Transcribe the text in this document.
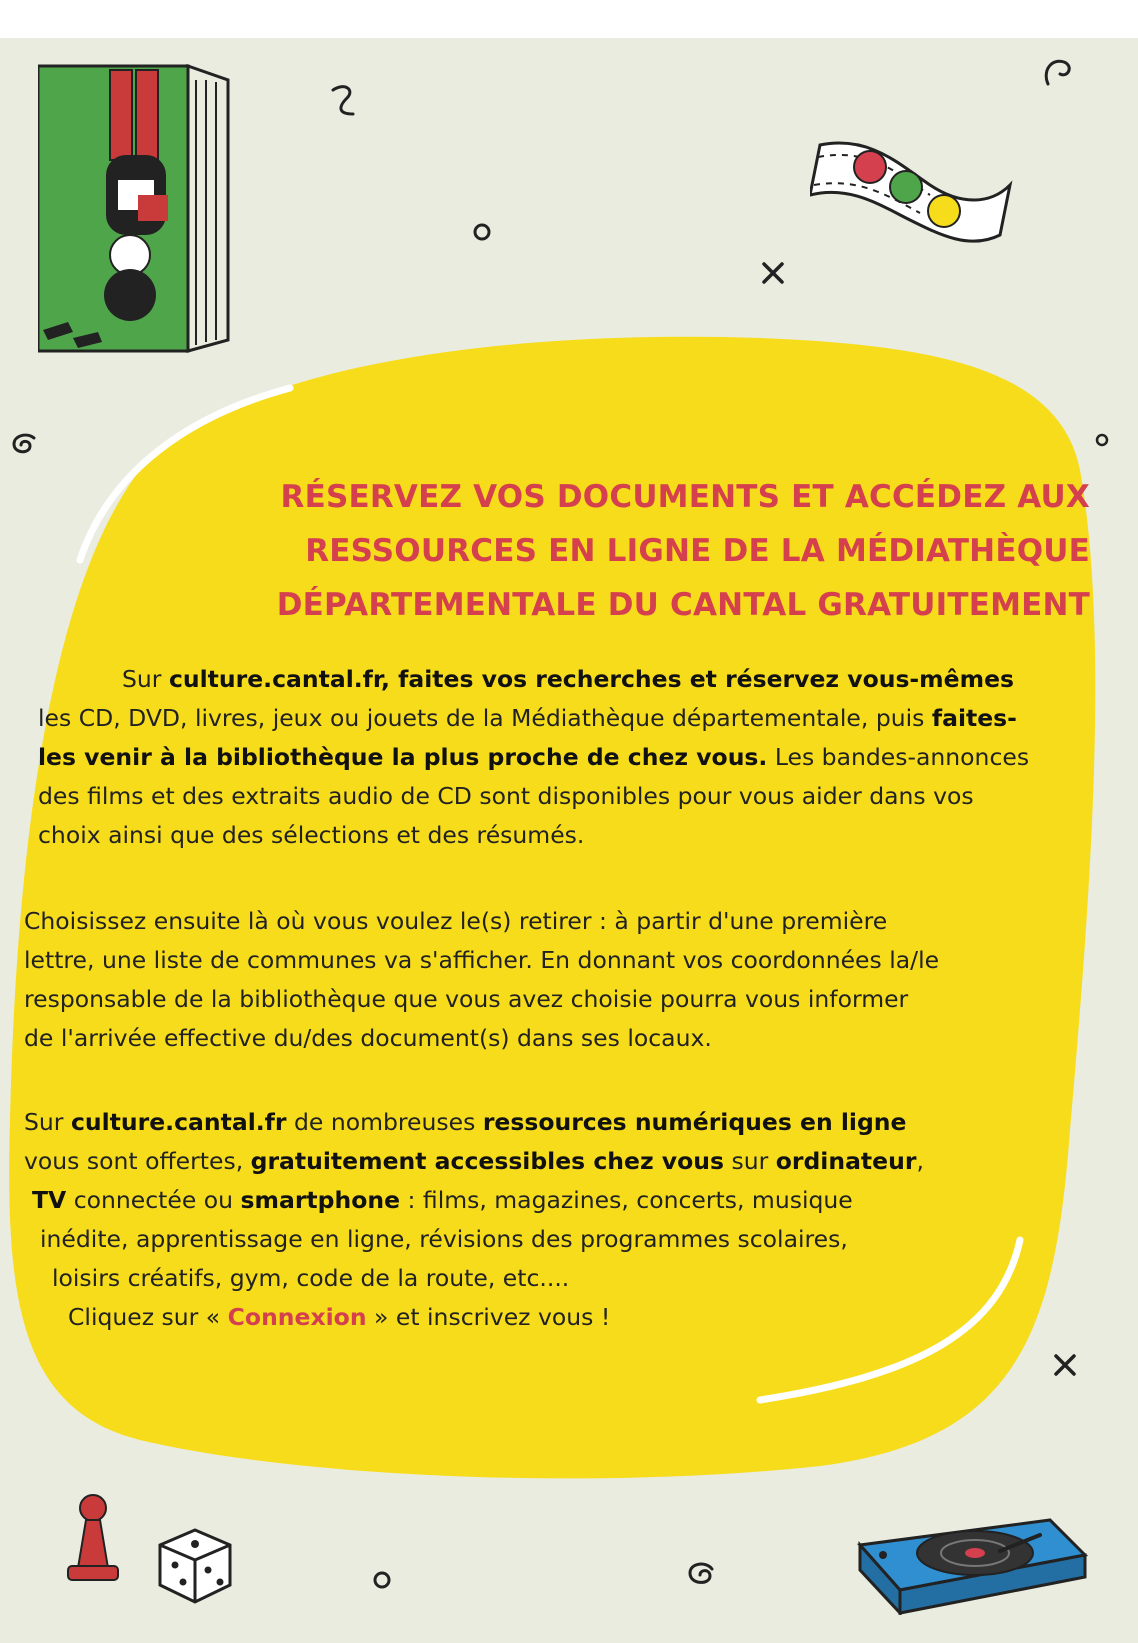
RÉSERVEZ VOS DOCUMENTS ET ACCÉDEZ AUX
RESSOURCES EN LIGNE DE LA MÉDIATHÈQUE
DÉPARTEMENTALE DU CANTAL GRATUITEMENT

Sur culture.cantal.fr, faites vos recherches et réservez vous-mêmes
les CD, DVD, livres, jeux ou jouets de la Médiathèque départementale, puis faites-
les venir à la bibliothèque la plus proche de chez vous. Les bandes-annonces
des films et des extraits audio de CD sont disponibles pour vous aider dans vos
choix ainsi que des sélections et des résumés.

Choisissez ensuite là où vous voulez le(s) retirer : à partir d'une première
lettre, une liste de communes va s'afficher. En donnant vos coordonnées la/le
responsable de la bibliothèque que vous avez choisie pourra vous informer
de l'arrivée effective du/des document(s) dans ses locaux.

Sur culture.cantal.fr de nombreuses ressources numériques en ligne
vous sont offertes, gratuitement accessibles chez vous sur ordinateur,
TV connectée ou smartphone : films, magazines, concerts, musique
inédite, apprentissage en ligne, révisions des programmes scolaires,
loisirs créatifs, gym, code de la route, etc....
Cliquez sur « Connexion » et inscrivez vous !
